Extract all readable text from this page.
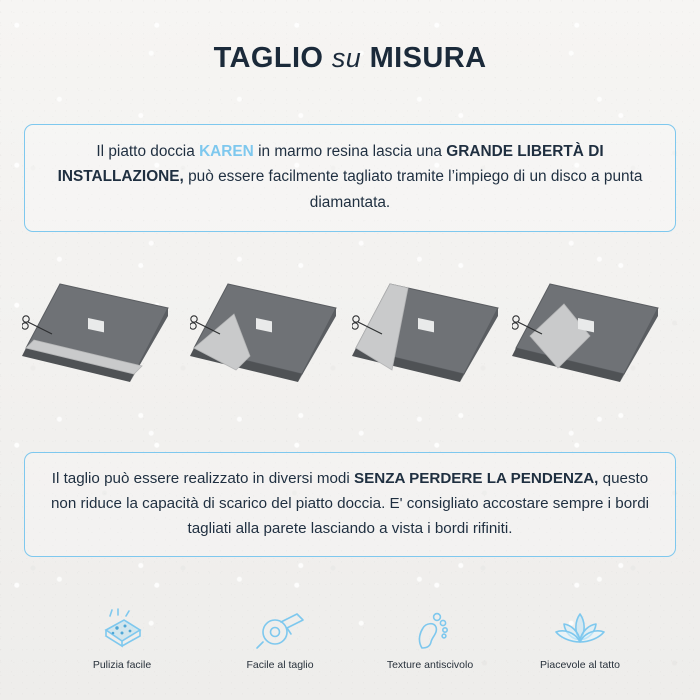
TAGLIO su MISURA
Il piatto doccia KAREN in marmo resina lascia una GRANDE LIBERTÀ DI INSTALLAZIONE, può essere facilmente tagliato tramite l’impiego di un disco a punta diamantata.
Il taglio può essere realizzato in diversi modi SENZA PERDERE LA PENDENZA, questo non riduce la capacità di scarico del piatto doccia. E' consigliato accostare sempre i bordi tagliati alla parete lasciando a vista i bordi rifiniti.
Pulizia facile	Facile al taglio	Texture antiscivolo	Piacevole al tatto
